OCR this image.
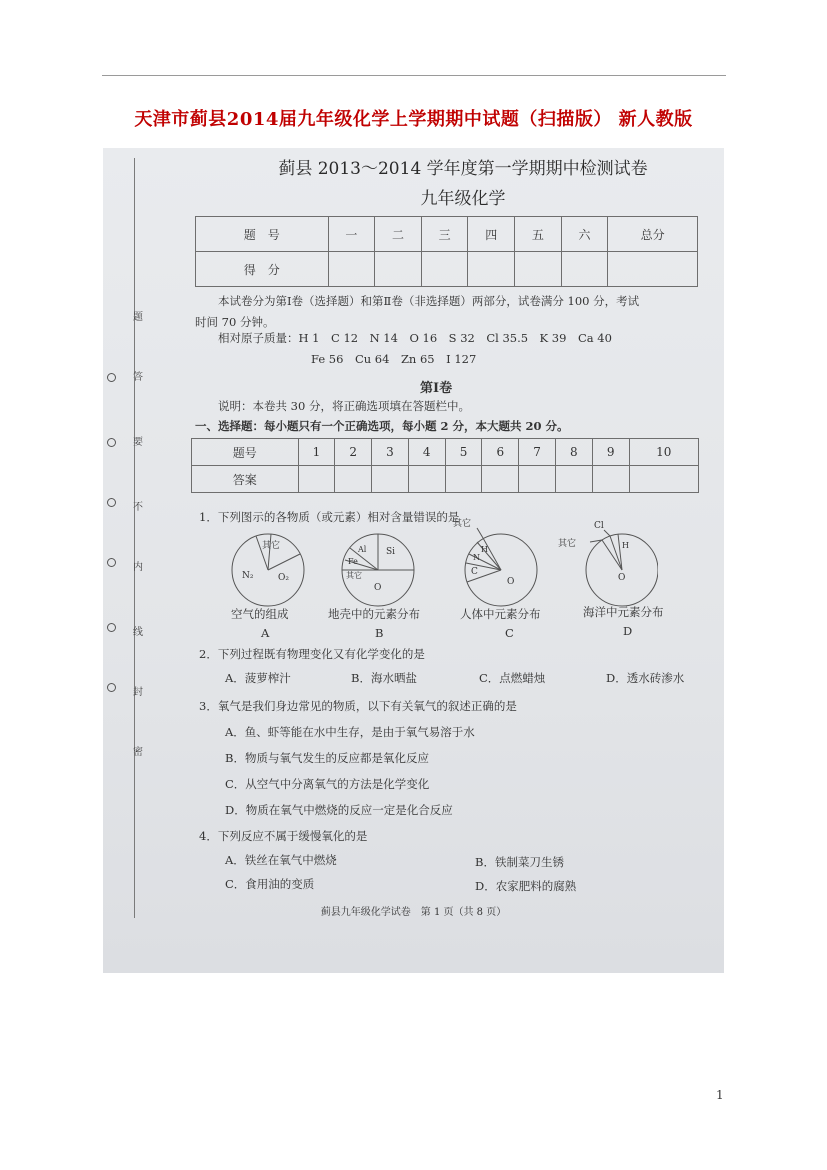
天津市蓟县2014届九年级化学上学期期中试题（扫描版） 新人教版
题
答
要
不
内
线
封
密
蓟县 2013～2014 学年度第一学期期中检测试卷
九年级化学
题　号	一	二	三	四	五	六	总分
得　分							
本试卷分为第Ⅰ卷（选择题）和第Ⅱ卷（非选择题）两部分，试卷满分 100 分，考试
时间 70 分钟。
相对原子质量：H 1　C 12　N 14　O 16　S 32　Cl 35.5　K 39　Ca 40
Fe 56　Cu 64　Zn 65　I 127
第Ⅰ卷
说明：本卷共 30 分，将正确选项填在答题栏中。
一、选择题：每小题只有一个正确选项，每小题 2 分，本大题共 20 分。
题号	1	2	3	4	5	6	7	8	9	10
答案										
1．下列图示的各物质（或元素）相对含量错误的是
其它
N₂	O₂
空气的组成
A
Al Si
Fe
其它
O
地壳中的元素分布
B
其它
H
N
C
O
人体中元素分布
C
Cl
其它	H
O
海洋中元素分布
D
2．下列过程既有物理变化又有化学变化的是
A．菠萝榨汁	B．海水晒盐	C．点燃蜡烛	D．透水砖渗水
3．氧气是我们身边常见的物质，以下有关氧气的叙述正确的是
A．鱼、虾等能在水中生存，是由于氧气易溶于水
B．物质与氧气发生的反应都是氧化反应
C．从空气中分离氧气的方法是化学变化
D．物质在氧气中燃烧的反应一定是化合反应
4．下列反应不属于缓慢氧化的是
A．铁丝在氧气中燃烧	B．铁制菜刀生锈
C．食用油的变质	D．农家肥料的腐熟
蓟县九年级化学试卷　第 1 页（共 8 页）
1
